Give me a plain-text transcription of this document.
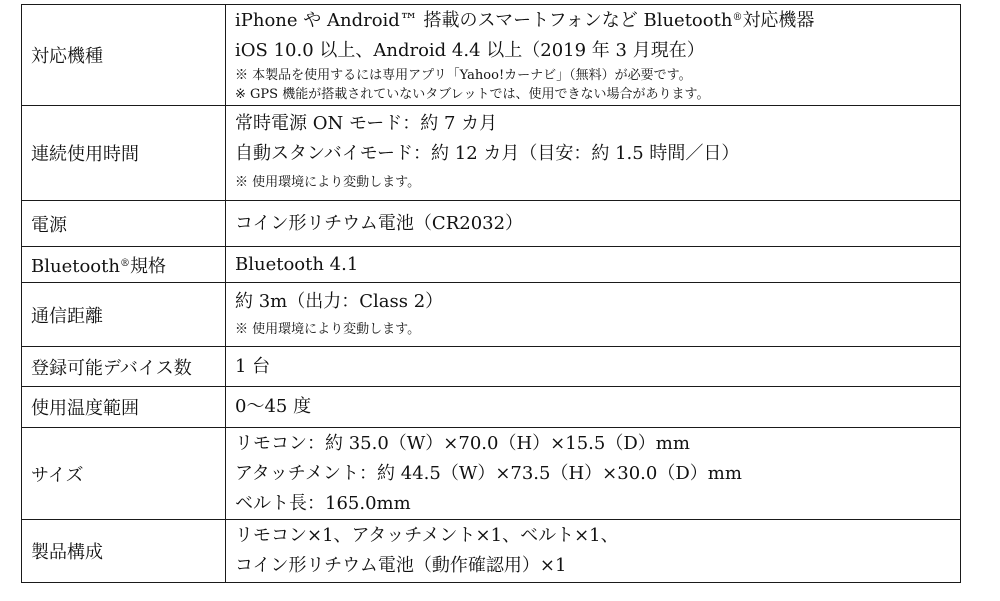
対応機種	iPhone や Android™ 搭載のスマートフォンなど Bluetooth®対応機器
iOS 10.0 以上、Android 4.4 以上（2019 年 3 月現在）
※ 本製品を使用するには専用アプリ「Yahoo!カーナビ」（無料）が必要です。
※ GPS 機能が搭載されていないタブレットでは、使用できない場合があります。

連続使用時間	常時電源 ON モード：約 7 カ月
自動スタンバイモード：約 12 カ月（目安：約 1.5 時間／日）
※ 使用環境により変動します。

電源	コイン形リチウム電池（CR2032）

Bluetooth®規格	Bluetooth 4.1

通信距離	約 3m（出力：Class 2）
※ 使用環境により変動します。

登録可能デバイス数	1 台

使用温度範囲	0～45 度

サイズ	リモコン：約 35.0（W）×70.0（H）×15.5（D）mm
アタッチメント：約 44.5（W）×73.5（H）×30.0（D）mm
ベルト長：165.0mm

製品構成	リモコン×1、アタッチメント×1、ベルト×1、
コイン形リチウム電池（動作確認用）×1
